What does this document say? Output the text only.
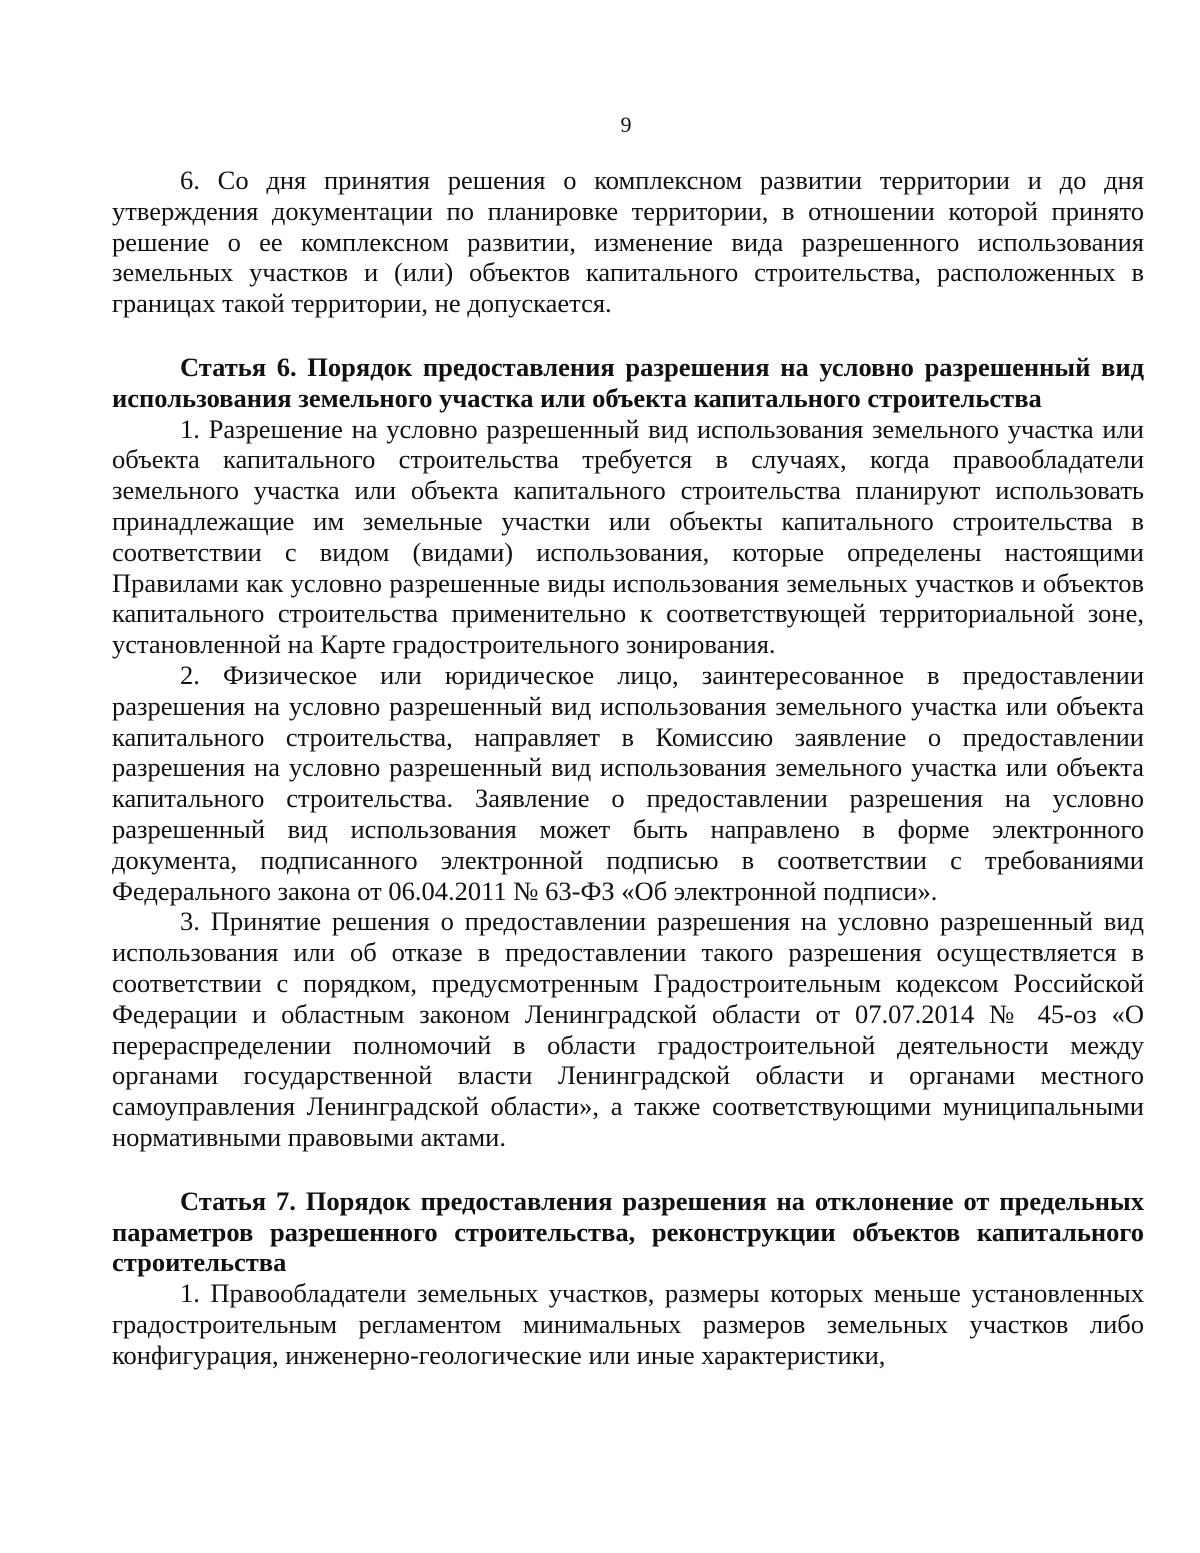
9

6. Со дня принятия решения о комплексном развитии территории и до дня утверждения документации по планировке территории, в отношении которой принято решение о ее комплексном развитии, изменение вида разрешенного использования земельных участков и (или) объектов капитального строительства, расположенных в границах такой территории, не допускается.

Статья 6. Порядок предоставления разрешения на условно разрешенный вид использования земельного участка или объекта капитального строительства

1. Разрешение на условно разрешенный вид использования земельного участка или объекта капитального строительства требуется в случаях, когда правообладатели земельного участка или объекта капитального строительства планируют использовать принадлежащие им земельные участки или объекты капитального строительства в соответствии с видом (видами) использования, которые определены настоящими Правилами как условно разрешенные виды использования земельных участков и объектов капитального строительства применительно к соответствующей территориальной зоне, установленной на Карте градостроительного зонирования.

2. Физическое или юридическое лицо, заинтересованное в предоставлении разрешения на условно разрешенный вид использования земельного участка или объекта капитального строительства, направляет в Комиссию заявление о предоставлении разрешения на условно разрешенный вид использования земельного участка или объекта капитального строительства. Заявление о предоставлении разрешения на условно разрешенный вид использования может быть направлено в форме электронного документа, подписанного электронной подписью в соответствии с требованиями Федерального закона от 06.04.2011 № 63-ФЗ «Об электронной подписи».

3. Принятие решения о предоставлении разрешения на условно разрешенный вид использования или об отказе в предоставлении такого разрешения осуществляется в соответствии с порядком, предусмотренным Градостроительным кодексом Российской Федерации и областным законом Ленинградской области от 07.07.2014 № 45-оз «О перераспределении полномочий в области градостроительной деятельности между органами государственной власти Ленинградской области и органами местного самоуправления Ленинградской области», а также соответствующими муниципальными нормативными правовыми актами.

Статья 7. Порядок предоставления разрешения на отклонение от предельных параметров разрешенного строительства, реконструкции объектов капитального строительства

1. Правообладатели земельных участков, размеры которых меньше установленных градостроительным регламентом минимальных размеров земельных участков либо конфигурация, инженерно-геологические или иные характеристики,
